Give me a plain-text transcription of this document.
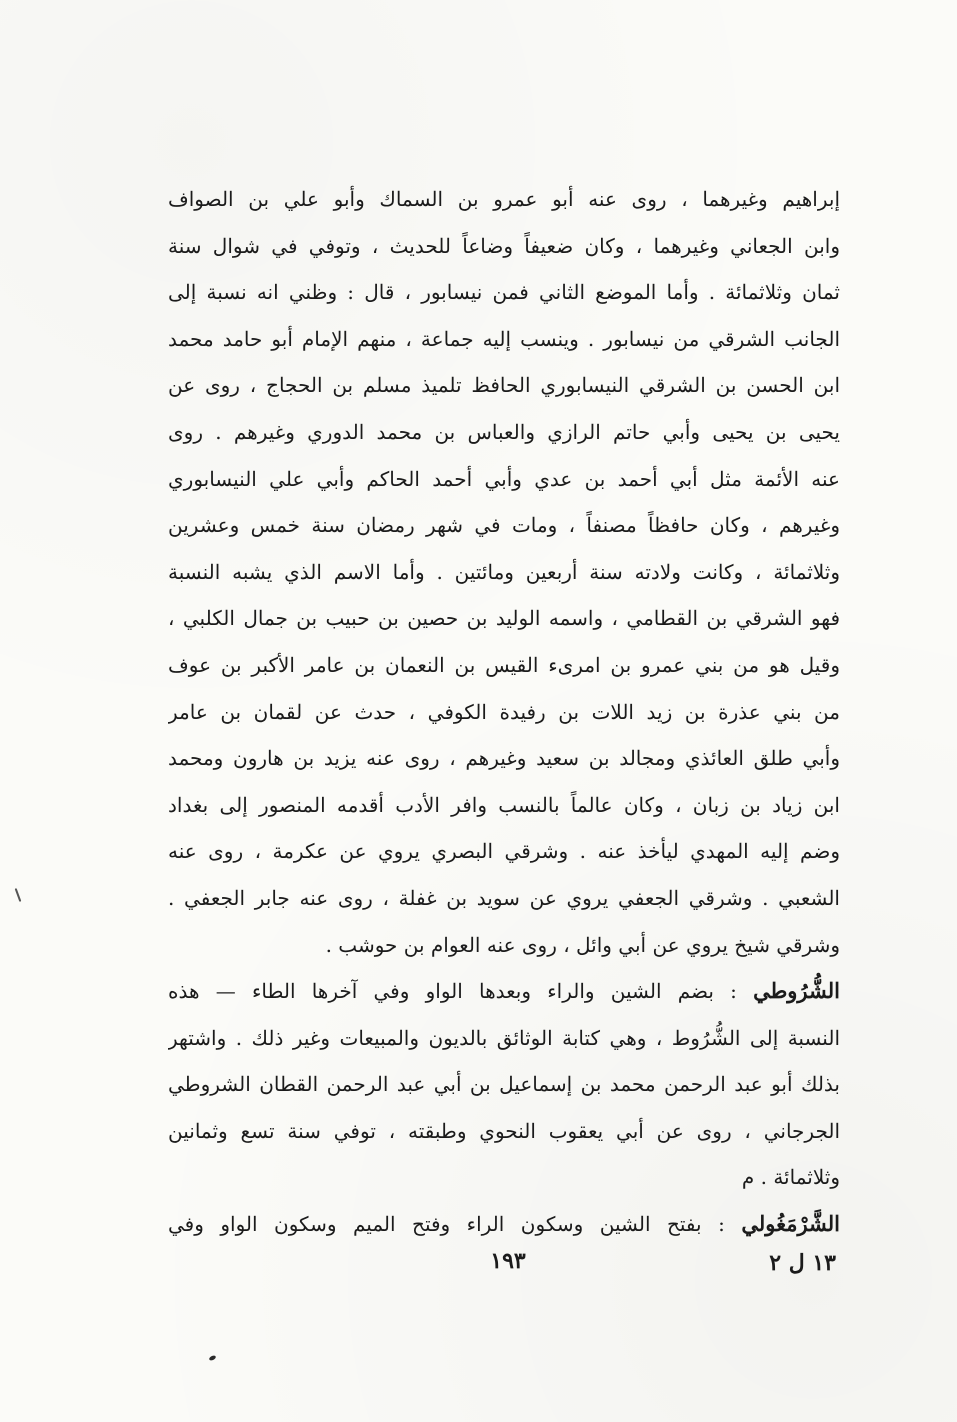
إبراهيم وغيرهما ، روى عنه أبو عمرو بن السماك وأبو علي بن الصواف
وابن الجعاني وغيرهما ، وكان ضعيفاً وضاعاً للحديث ، وتوفي في شوال سنة
ثمان وثلاثمائة . وأما الموضع الثاني فمن نيسابور ، قال : وظني انه نسبة إلى
الجانب الشرقي من نيسابور . وينسب إليه جماعة ، منهم الإمام أبو حامد محمد
ابن الحسن بن الشرقي النيسابوري الحافظ تلميذ مسلم بن الحجاج ، روى عن
يحيى بن يحيى وأبي حاتم الرازي والعباس بن محمد الدوري وغيرهم . روى
عنه الأئمة مثل أبي أحمد بن عدي وأبي أحمد الحاكم وأبي علي النيسابوري
وغيرهم ، وكان حافظاً مصنفاً ، ومات في شهر رمضان سنة خمس وعشرين
وثلاثمائة ، وكانت ولادته سنة أربعين ومائتين . وأما الاسم الذي يشبه النسبة
فهو الشرقي بن القطامي ، واسمه الوليد بن حصين بن حبيب بن جمال الكلبي ،
وقيل هو من بني عمرو بن امرىء القيس بن النعمان بن عامر الأكبر بن عوف
من بني عذرة بن زيد اللات بن رفيدة الكوفي ، حدث عن لقمان بن عامر
وأبي طلق العائذي ومجالد بن سعيد وغيرهم ، روى عنه يزيد بن هارون ومحمد
ابن زياد بن زبان ، وكان عالماً بالنسب وافر الأدب أقدمه المنصور إلى بغداد
وضم إليه المهدي ليأخذ عنه . وشرقي البصري يروي عن عكرمة ، روى عنه
الشعبي . وشرقي الجعفي يروي عن سويد بن غفلة ، روى عنه جابر الجعفي .
وشرقي شيخ يروي عن أبي وائل ، روى عنه العوام بن حوشب .
الشُّرُوطي : بضم الشين والراء وبعدها الواو وفي آخرها الطاء — هذه
النسبة إلى الشُّرُوط ، وهي كتابة الوثائق بالديون والمبيعات وغير ذلك . واشتهر
بذلك أبو عبد الرحمن محمد بن إسماعيل بن أبي عبد الرحمن القطان الشروطي
الجرجاني ، روى عن أبي يعقوب النحوي وطبقته ، توفي سنة تسع وثمانين
وثلاثمائة . م
الشَّرْمَغُولي : بفتح الشين وسكون الراء وفتح الميم وسكون الواو وفي
١٩٣	١٣ ل ٢
